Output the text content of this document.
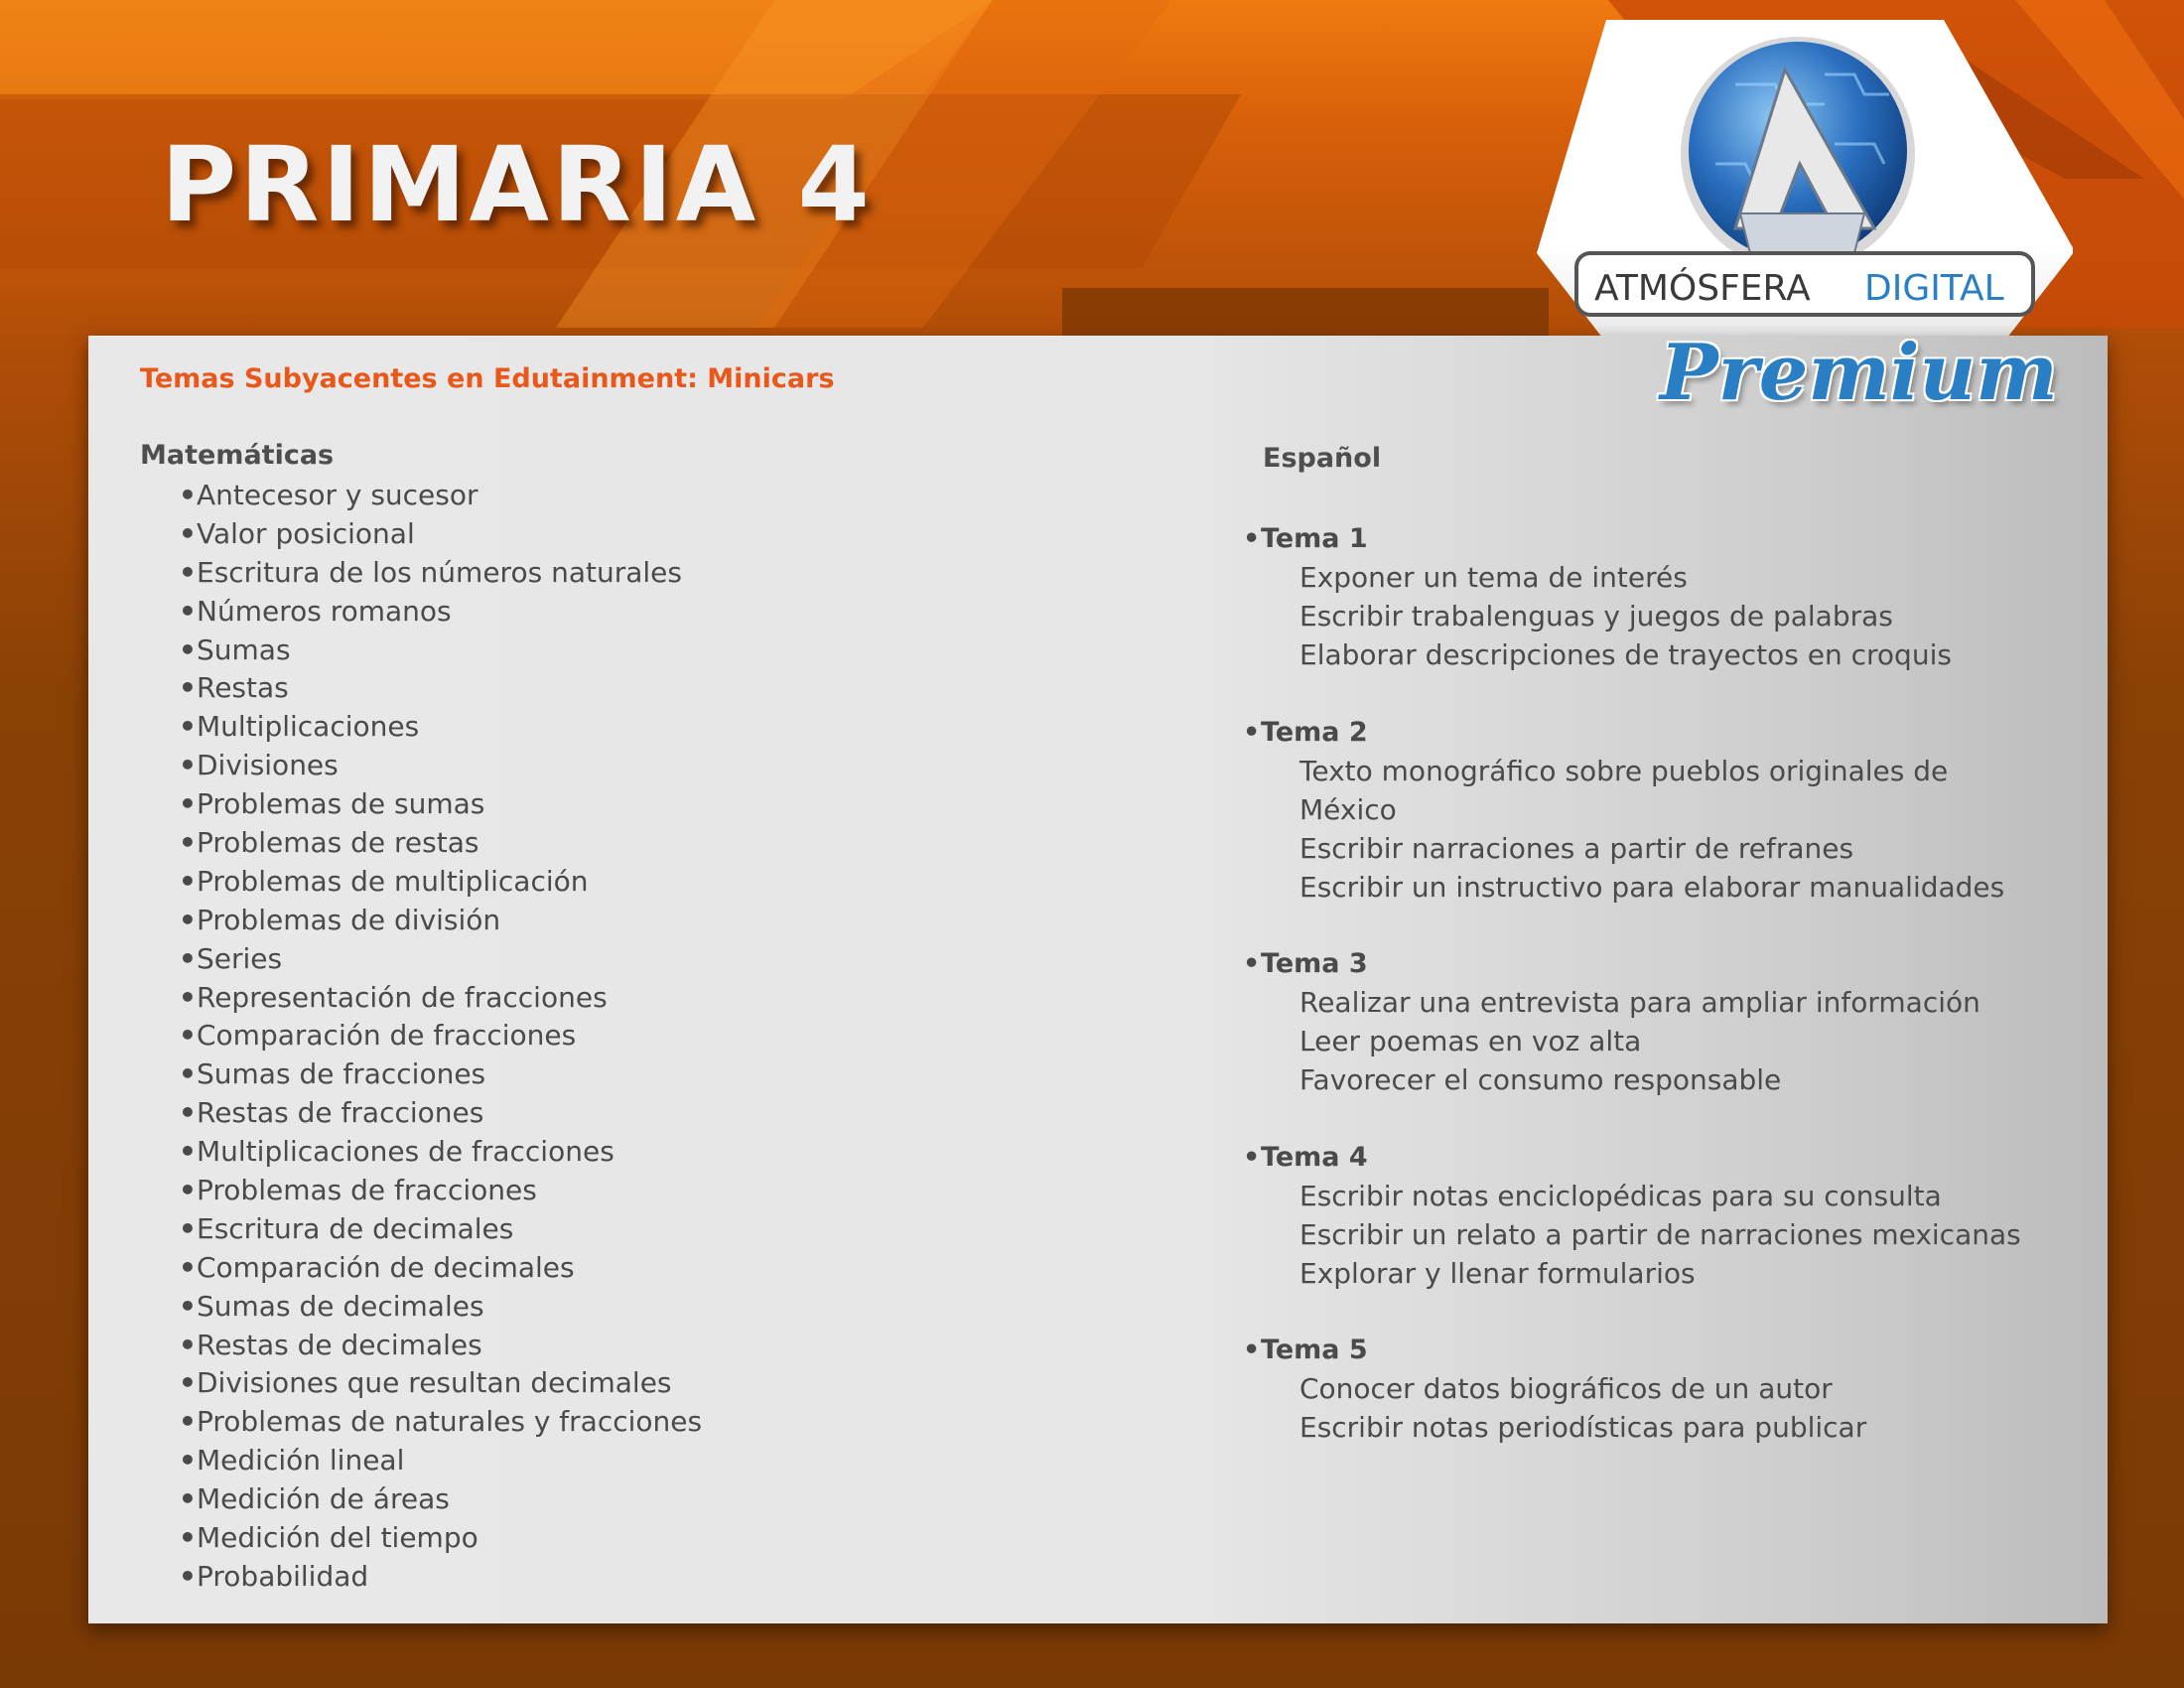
PRIMARIA 4
ATMÓSFERA DIGITAL
Premium
Temas Subyacentes en Edutainment: Minicars
Matemáticas
•Antecesor y sucesor
•Valor posicional
•Escritura de los números naturales
•Números romanos
•Sumas
•Restas
•Multiplicaciones
•Divisiones
•Problemas de sumas
•Problemas de restas
•Problemas de multiplicación
•Problemas de división
•Series
•Representación de fracciones
•Comparación de fracciones
•Sumas de fracciones
•Restas de fracciones
•Multiplicaciones de fracciones
•Problemas de fracciones
•Escritura de decimales
•Comparación de decimales
•Sumas de decimales
•Restas de decimales
•Divisiones que resultan decimales
•Problemas de naturales y fracciones
•Medición lineal
•Medición de áreas
•Medición del tiempo
•Probabilidad
Español
•Tema 1
Exponer un tema de interés
Escribir trabalenguas y juegos de palabras
Elaborar descripciones de trayectos en croquis
•Tema 2
Texto monográfico sobre pueblos originales de
México
Escribir narraciones a partir de refranes
Escribir un instructivo para elaborar manualidades
•Tema 3
Realizar una entrevista para ampliar información
Leer poemas en voz alta
Favorecer el consumo responsable
•Tema 4
Escribir notas enciclopédicas para su consulta
Escribir un relato a partir de narraciones mexicanas
Explorar y llenar formularios
•Tema 5
Conocer datos biográficos de un autor
Escribir notas periodísticas para publicar
